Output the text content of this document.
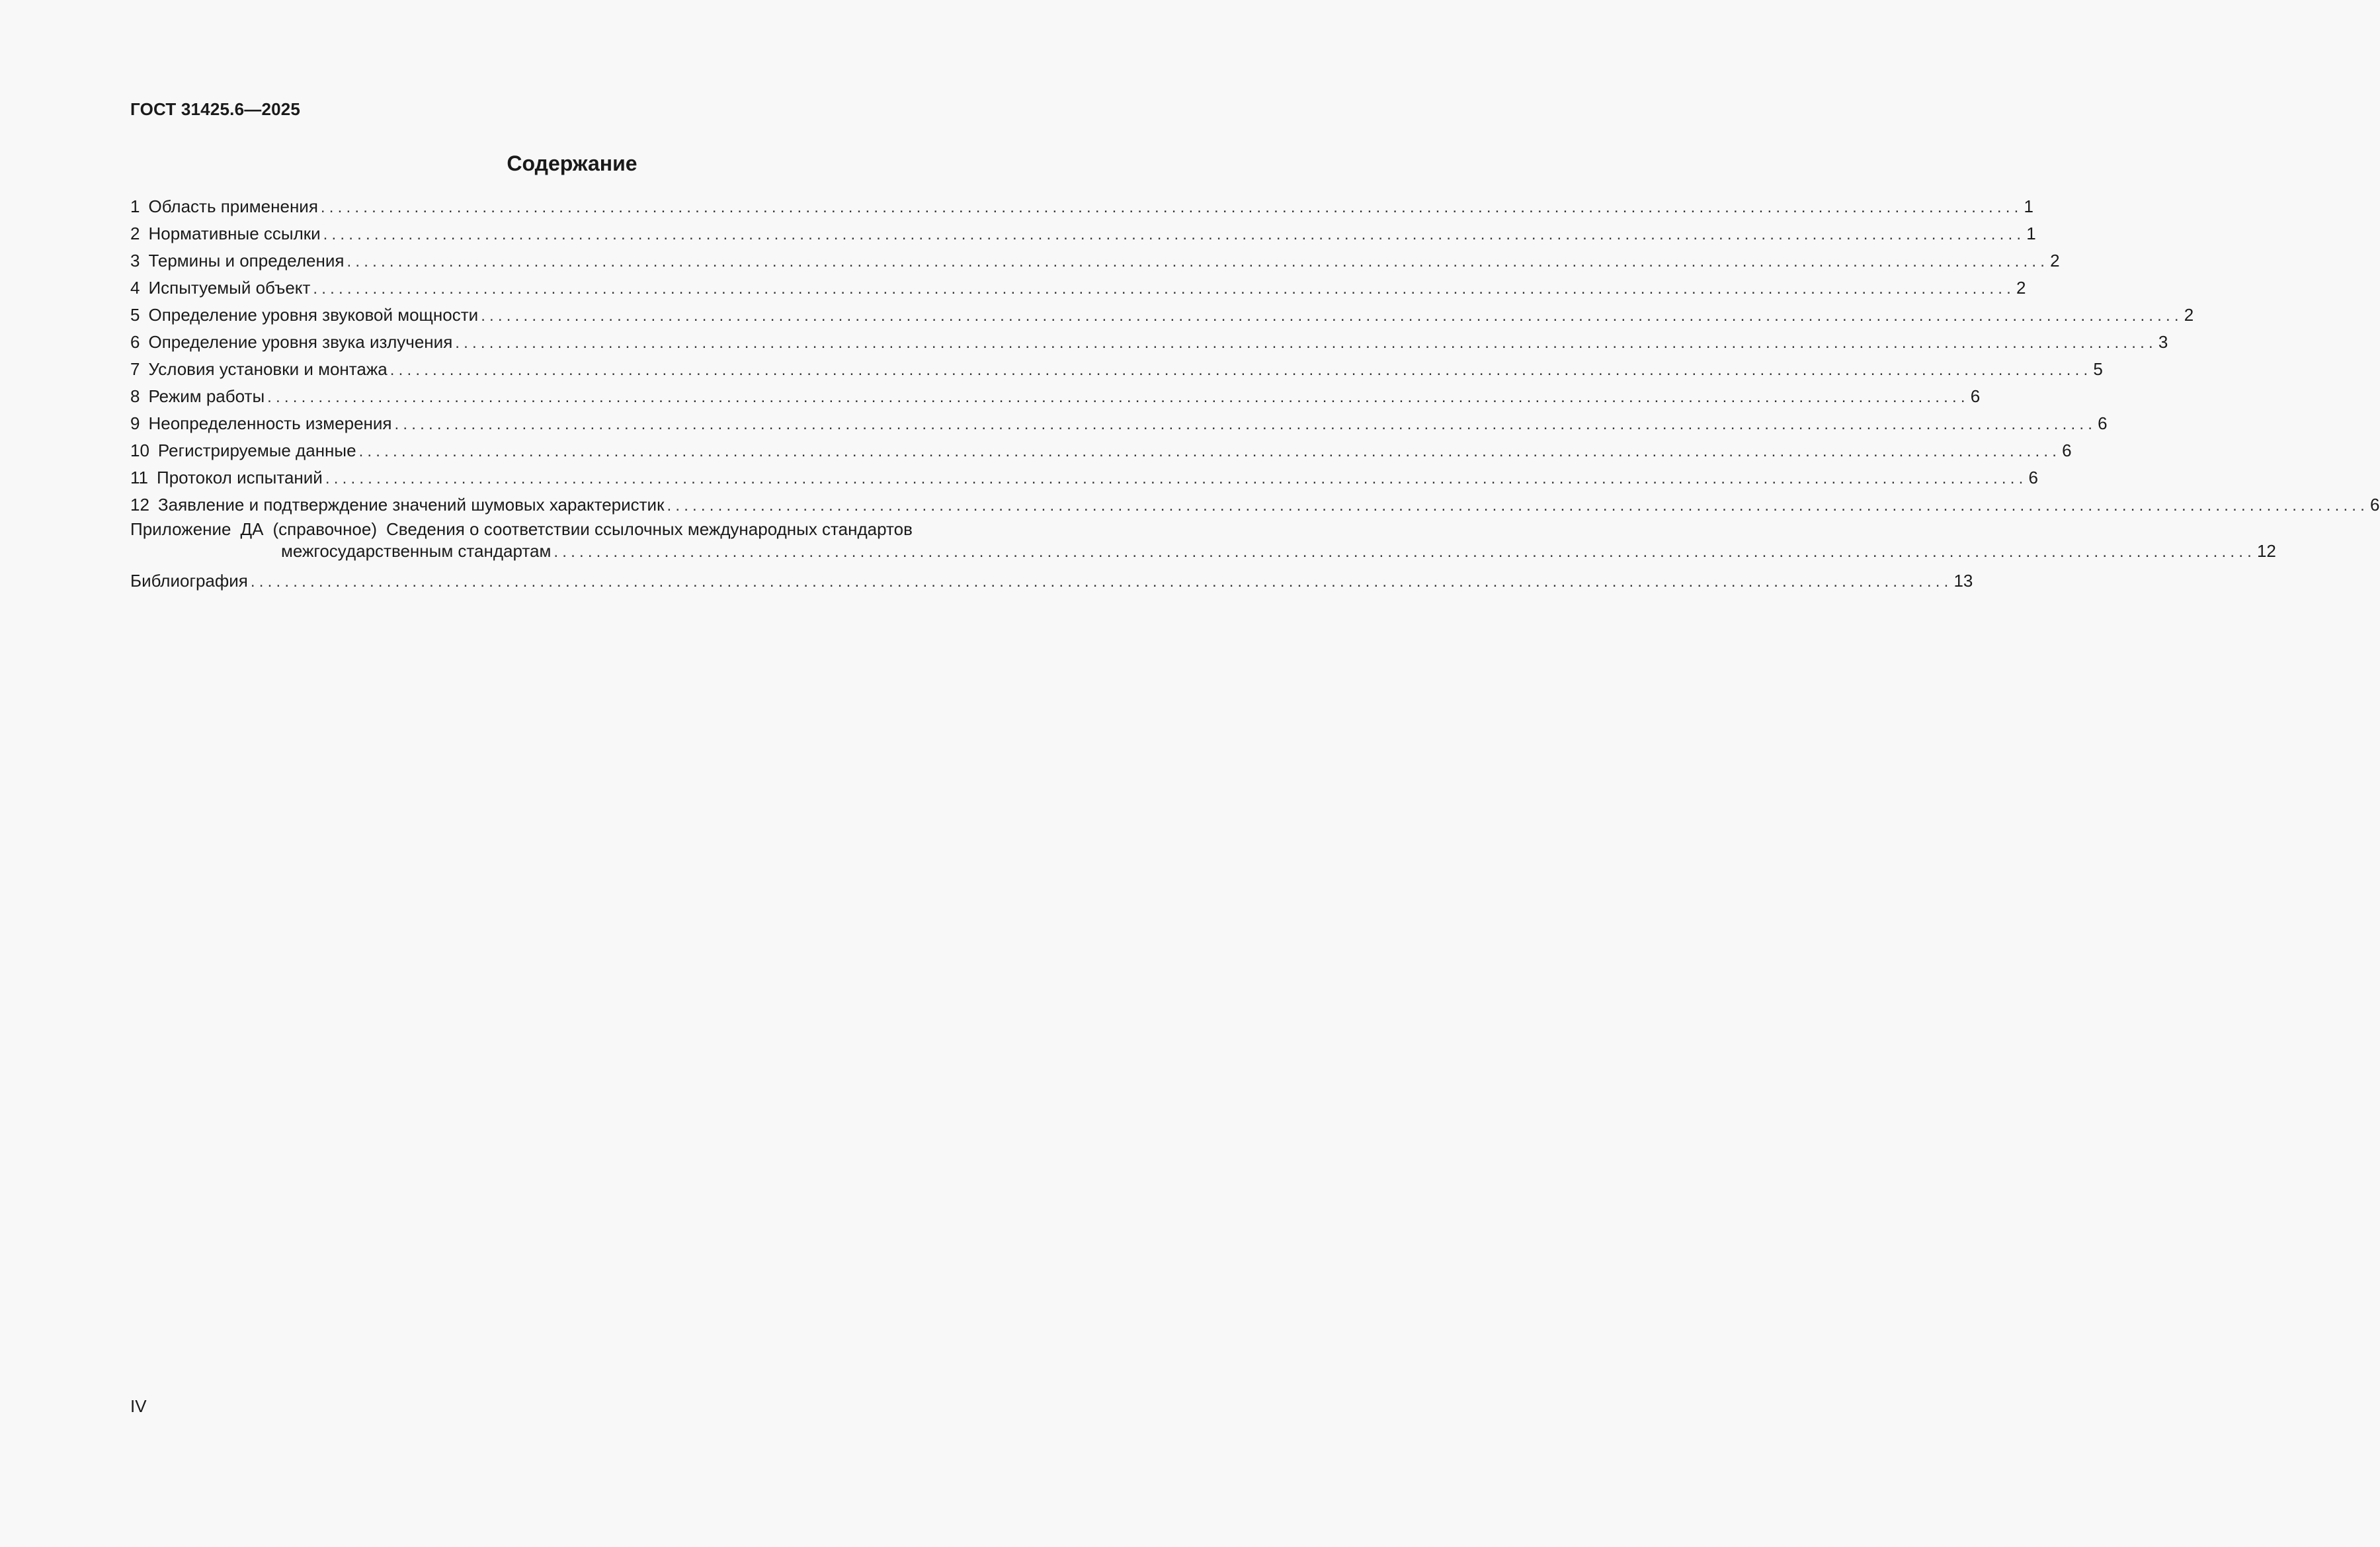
ГОСТ 31425.6—2025
Содержание
1 Область применения ........................................................................................................................................................................................................ 1
2 Нормативные ссылки ........................................................................................................................................................................................................ 1
3 Термины и определения ........................................................................................................................................................................................................ 2
4 Испытуемый объект ........................................................................................................................................................................................................ 2
5 Определение уровня звуковой мощности ........................................................................................................................................................................................................ 2
6 Определение уровня звука излучения ........................................................................................................................................................................................................ 3
7 Условия установки и монтажа ........................................................................................................................................................................................................ 5
8 Режим работы ........................................................................................................................................................................................................ 6
9 Неопределенность измерения ........................................................................................................................................................................................................ 6
10 Регистрируемые данные ........................................................................................................................................................................................................ 6
11 Протокол испытаний ........................................................................................................................................................................................................ 6
12 Заявление и подтверждение значений шумовых характеристик ........................................................................................................................................................................................................ 6
Приложение ДА (справочное) Сведения о соответствии ссылочных международных стандартов
межгосударственным стандартам ........................................................................................................................................................................................................ 12
Библиография ........................................................................................................................................................................................................ 13
IV
